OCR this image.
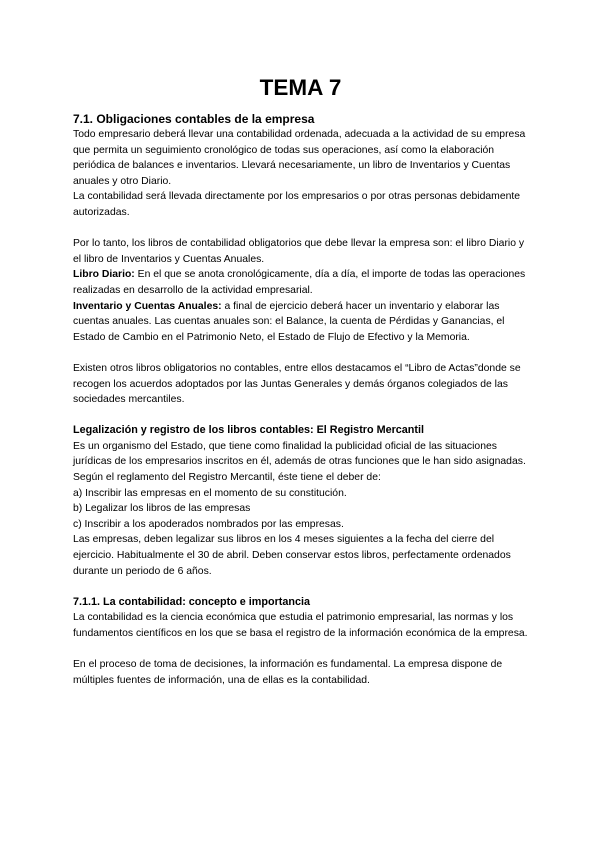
TEMA 7
7.1. Obligaciones contables de la empresa

Todo empresario deberá llevar una contabilidad ordenada, adecuada a la actividad de su empresa que permita un seguimiento cronológico de todas sus operaciones, así como la elaboración periódica de balances e inventarios. Llevará necesariamente, un libro de Inventarios y Cuentas anuales y otro Diario.

La contabilidad será llevada directamente por los empresarios o por otras personas debidamente autorizadas.

Por lo tanto, los libros de contabilidad obligatorios que debe llevar la empresa son: el libro Diario y el libro de Inventarios y Cuentas Anuales.

Libro Diario: En el que se anota cronológicamente, día a día, el importe de todas las operaciones realizadas en desarrollo de la actividad empresarial.

Inventario y Cuentas Anuales: a final de ejercicio deberá hacer un inventario y elaborar las cuentas anuales. Las cuentas anuales son: el Balance, la cuenta de Pérdidas y Ganancias, el Estado de Cambio en el Patrimonio Neto, el Estado de Flujo de Efectivo y la Memoria.

Existen otros libros obligatorios no contables, entre ellos destacamos el “Libro de Actas”donde se recogen los acuerdos adoptados por las Juntas Generales y demás órganos colegiados de las sociedades mercantiles.

Legalización y registro de los libros contables: El Registro Mercantil

Es un organismo del Estado, que tiene como finalidad la publicidad oficial de las situaciones jurídicas de los empresarios inscritos en él, además de otras funciones que le han sido asignadas.

Según el reglamento del Registro Mercantil, éste tiene el deber de:

a) Inscribir las empresas en el momento de su constitución.

b) Legalizar los libros de las empresas

c) Inscribir a los apoderados nombrados por las empresas.

Las empresas, deben legalizar sus libros en los 4 meses siguientes a la fecha del cierre del ejercicio. Habitualmente el 30 de abril. Deben conservar estos libros, perfectamente ordenados durante un periodo de 6 años.

7.1.1. La contabilidad: concepto e importancia

La contabilidad es la ciencia económica que estudia el patrimonio empresarial, las normas y los fundamentos científicos en los que se basa el registro de la información económica de la empresa.

En el proceso de toma de decisiones, la información es fundamental. La empresa dispone de múltiples fuentes de información, una de ellas es la contabilidad.
